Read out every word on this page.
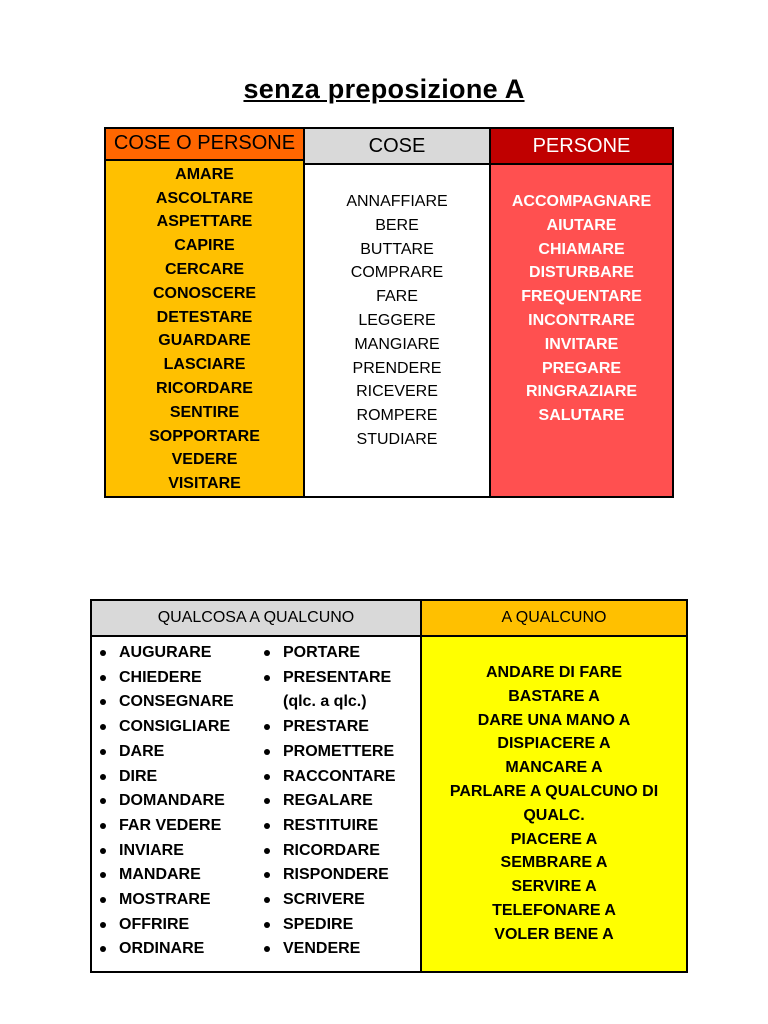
senza preposizione A
COSE O PERSONE
AMARE
ASCOLTARE
ASPETTARE
CAPIRE
CERCARE
CONOSCERE
DETESTARE
GUARDARE
LASCIARE
RICORDARE
SENTIRE
SOPPORTARE
VEDERE
VISITARE
COSE
ANNAFFIARE
BERE
BUTTARE
COMPRARE
FARE
LEGGERE
MANGIARE
PRENDERE
RICEVERE
ROMPERE
STUDIARE
PERSONE
ACCOMPAGNARE
AIUTARE
CHIAMARE
DISTURBARE
FREQUENTARE
INCONTRARE
INVITARE
PREGARE
RINGRAZIARE
SALUTARE
QUALCOSA A QUALCUNO
AUGURARE
CHIEDERE
CONSEGNARE
CONSIGLIARE
DARE
DIRE
DOMANDARE
FAR VEDERE
INVIARE
MANDARE
MOSTRARE
OFFRIRE
ORDINARE
PORTARE
PRESENTARE
(qlc. a qlc.)
PRESTARE
PROMETTERE
RACCONTARE
REGALARE
RESTITUIRE
RICORDARE
RISPONDERE
SCRIVERE
SPEDIRE
VENDERE
A QUALCUNO
ANDARE DI FARE
BASTARE A
DARE UNA MANO A
DISPIACERE A
MANCARE A
PARLARE A QUALCUNO DI
QUALC.
PIACERE A
SEMBRARE A
SERVIRE A
TELEFONARE A
VOLER BENE A
